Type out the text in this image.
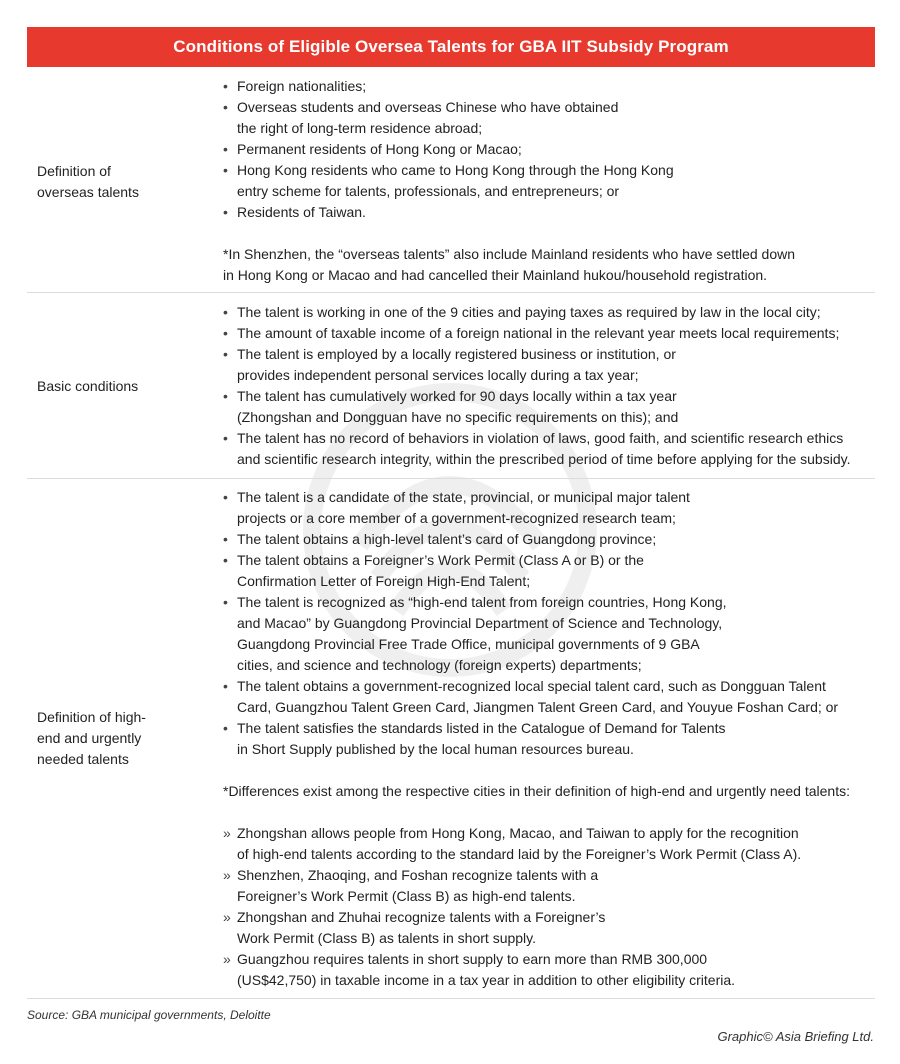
Conditions of Eligible Oversea Talents for GBA IIT Subsidy Program
Definition of
overseas talents
• Foreign nationalities;
• Overseas students and overseas Chinese who have obtained
the right of long-term residence abroad;
• Permanent residents of Hong Kong or Macao;
• Hong Kong residents who came to Hong Kong through the Hong Kong
entry scheme for talents, professionals, and entrepreneurs; or
• Residents of Taiwan.

*In Shenzhen, the “overseas talents” also include Mainland residents who have settled down
in Hong Kong or Macao and had cancelled their Mainland hukou/household registration.

Basic conditions
• The talent is working in one of the 9 cities and paying taxes as required by law in the local city;
• The amount of taxable income of a foreign national in the relevant year meets local requirements;
• The talent is employed by a locally registered business or institution, or
provides independent personal services locally during a tax year;
• The talent has cumulatively worked for 90 days locally within a tax year
(Zhongshan and Dongguan have no specific requirements on this); and
• The talent has no record of behaviors in violation of laws, good faith, and scientific research ethics
and scientific research integrity, within the prescribed period of time before applying for the subsidy.
Definition of high-
end and urgently
needed talents
• The talent is a candidate of the state, provincial, or municipal major talent
projects or a core member of a government-recognized research team;
• The talent obtains a high-level talent’s card of Guangdong province;
• The talent obtains a Foreigner’s Work Permit (Class A or B) or the
Confirmation Letter of Foreign High-End Talent;
• The talent is recognized as “high-end talent from foreign countries, Hong Kong,
and Macao” by Guangdong Provincial Department of Science and Technology,
Guangdong Provincial Free Trade Office, municipal governments of 9 GBA
cities, and science and technology (foreign experts) departments;
• The talent obtains a government-recognized local special talent card, such as Dongguan Talent
Card, Guangzhou Talent Green Card, Jiangmen Talent Green Card, and Youyue Foshan Card; or
• The talent satisfies the standards listed in the Catalogue of Demand for Talents
in Short Supply published by the local human resources bureau.

*Differences exist among the respective cities in their definition of high-end and urgently need talents:

» Zhongshan allows people from Hong Kong, Macao, and Taiwan to apply for the recognition
of high-end talents according to the standard laid by the Foreigner’s Work Permit (Class A).
» Shenzhen, Zhaoqing, and Foshan recognize talents with a
Foreigner’s Work Permit (Class B) as high-end talents.
» Zhongshan and Zhuhai recognize talents with a Foreigner’s
Work Permit (Class B) as talents in short supply.
» Guangzhou requires talents in short supply to earn more than RMB 300,000
(US$42,750) in taxable income in a tax year in addition to other eligibility criteria.
Source: GBA municipal governments, Deloitte
Graphic© Asia Briefing Ltd.
